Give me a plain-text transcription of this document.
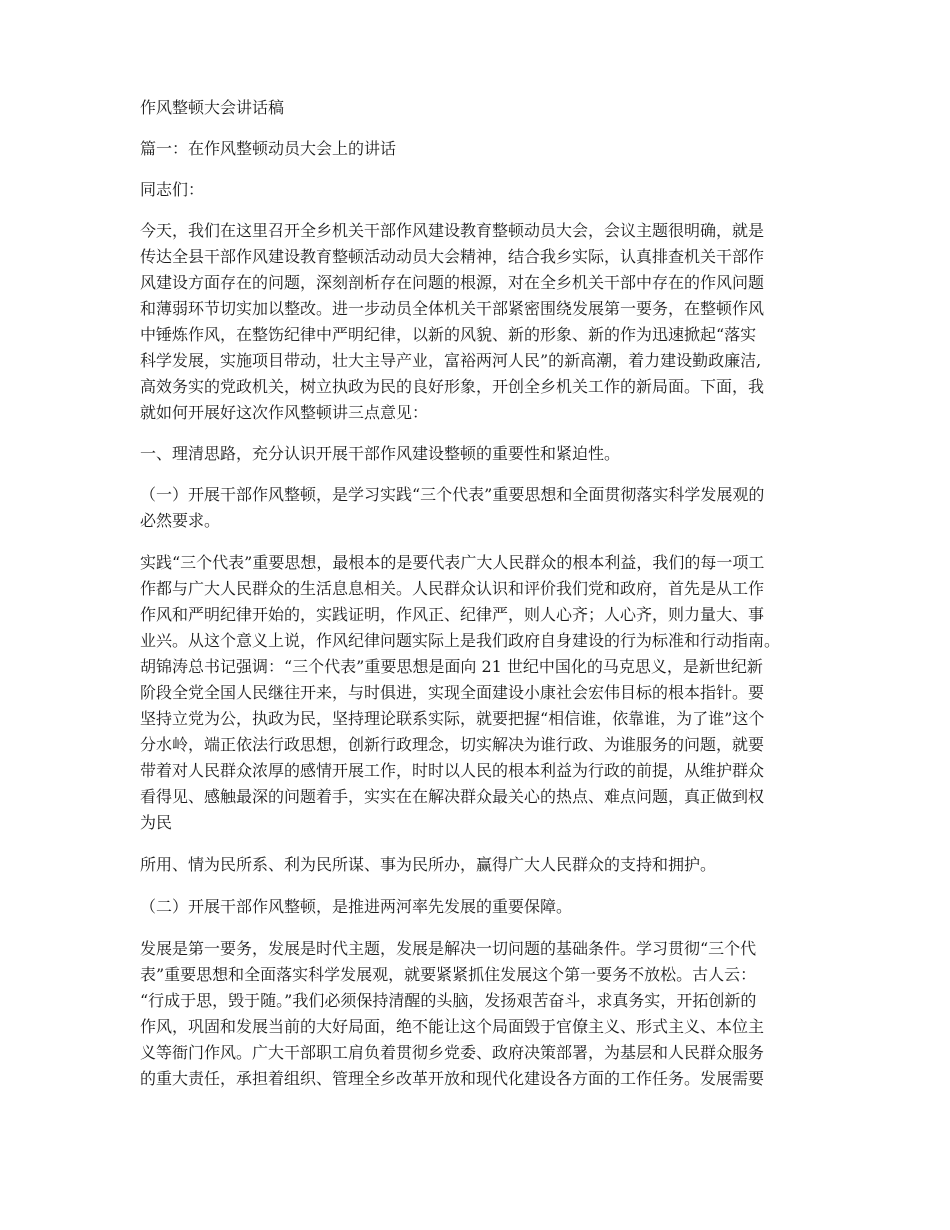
作风整顿大会讲话稿

篇一：在作风整顿动员大会上的讲话

同志们：

今天，我们在这里召开全乡机关干部作风建设教育整顿动员大会，会议主题很明确，就是

传达全县干部作风建设教育整顿活动动员大会精神，结合我乡实际，认真排查机关干部作

风建设方面存在的问题，深刻剖析存在问题的根源，对在全乡机关干部中存在的作风问题

和薄弱环节切实加以整改。进一步动员全体机关干部紧密围绕发展第一要务，在整顿作风

中锤炼作风，在整饬纪律中严明纪律，以新的风貌、新的形象、新的作为迅速掀起“落实

科学发展，实施项目带动，壮大主导产业，富裕两河人民”的新高潮，着力建设勤政廉洁,

高效务实的党政机关，树立执政为民的良好形象，开创全乡机关工作的新局面。下面，我

就如何开展好这次作风整顿讲三点意见：

一、理清思路，充分认识开展干部作风建设整顿的重要性和紧迫性。

（一）开展干部作风整顿，是学习实践“三个代表”重要思想和全面贯彻落实科学发展观的

必然要求。

实践“三个代表”重要思想，最根本的是要代表广大人民群众的根本利益，我们的每一项工

作都与广大人民群众的生活息息相关。人民群众认识和评价我们党和政府，首先是从工作

作风和严明纪律开始的，实践证明，作风正、纪律严，则人心齐；人心齐，则力量大、事

业兴。从这个意义上说，作风纪律问题实际上是我们政府自身建设的行为标准和行动指南。

胡锦涛总书记强调：“三个代表”重要思想是面向 21 世纪中国化的马克思义，是新世纪新

阶段全党全国人民继往开来，与时俱进，实现全面建设小康社会宏伟目标的根本指针。要

坚持立党为公，执政为民，坚持理论联系实际，就要把握“相信谁，依靠谁，为了谁”这个

分水岭，端正依法行政思想，创新行政理念，切实解决为谁行政、为谁服务的问题，就要

带着对人民群众浓厚的感情开展工作，时时以人民的根本利益为行政的前提，从维护群众

看得见、感触最深的问题着手，实实在在解决群众最关心的热点、难点问题，真正做到权

为民

所用、情为民所系、利为民所谋、事为民所办，赢得广大人民群众的支持和拥护。

（二）开展干部作风整顿，是推进两河率先发展的重要保障。

发展是第一要务，发展是时代主题，发展是解决一切问题的基础条件。学习贯彻“三个代

表”重要思想和全面落实科学发展观，就要紧紧抓住发展这个第一要务不放松。古人云：

“行成于思，毁于随。”我们必须保持清醒的头脑，发扬艰苦奋斗，求真务实，开拓创新的

作风，巩固和发展当前的大好局面，绝不能让这个局面毁于官僚主义、形式主义、本位主

义等衙门作风。广大干部职工肩负着贯彻乡党委、政府决策部署，为基层和人民群众服务

的重大责任，承担着组织、管理全乡改革开放和现代化建设各方面的工作任务。发展需要
